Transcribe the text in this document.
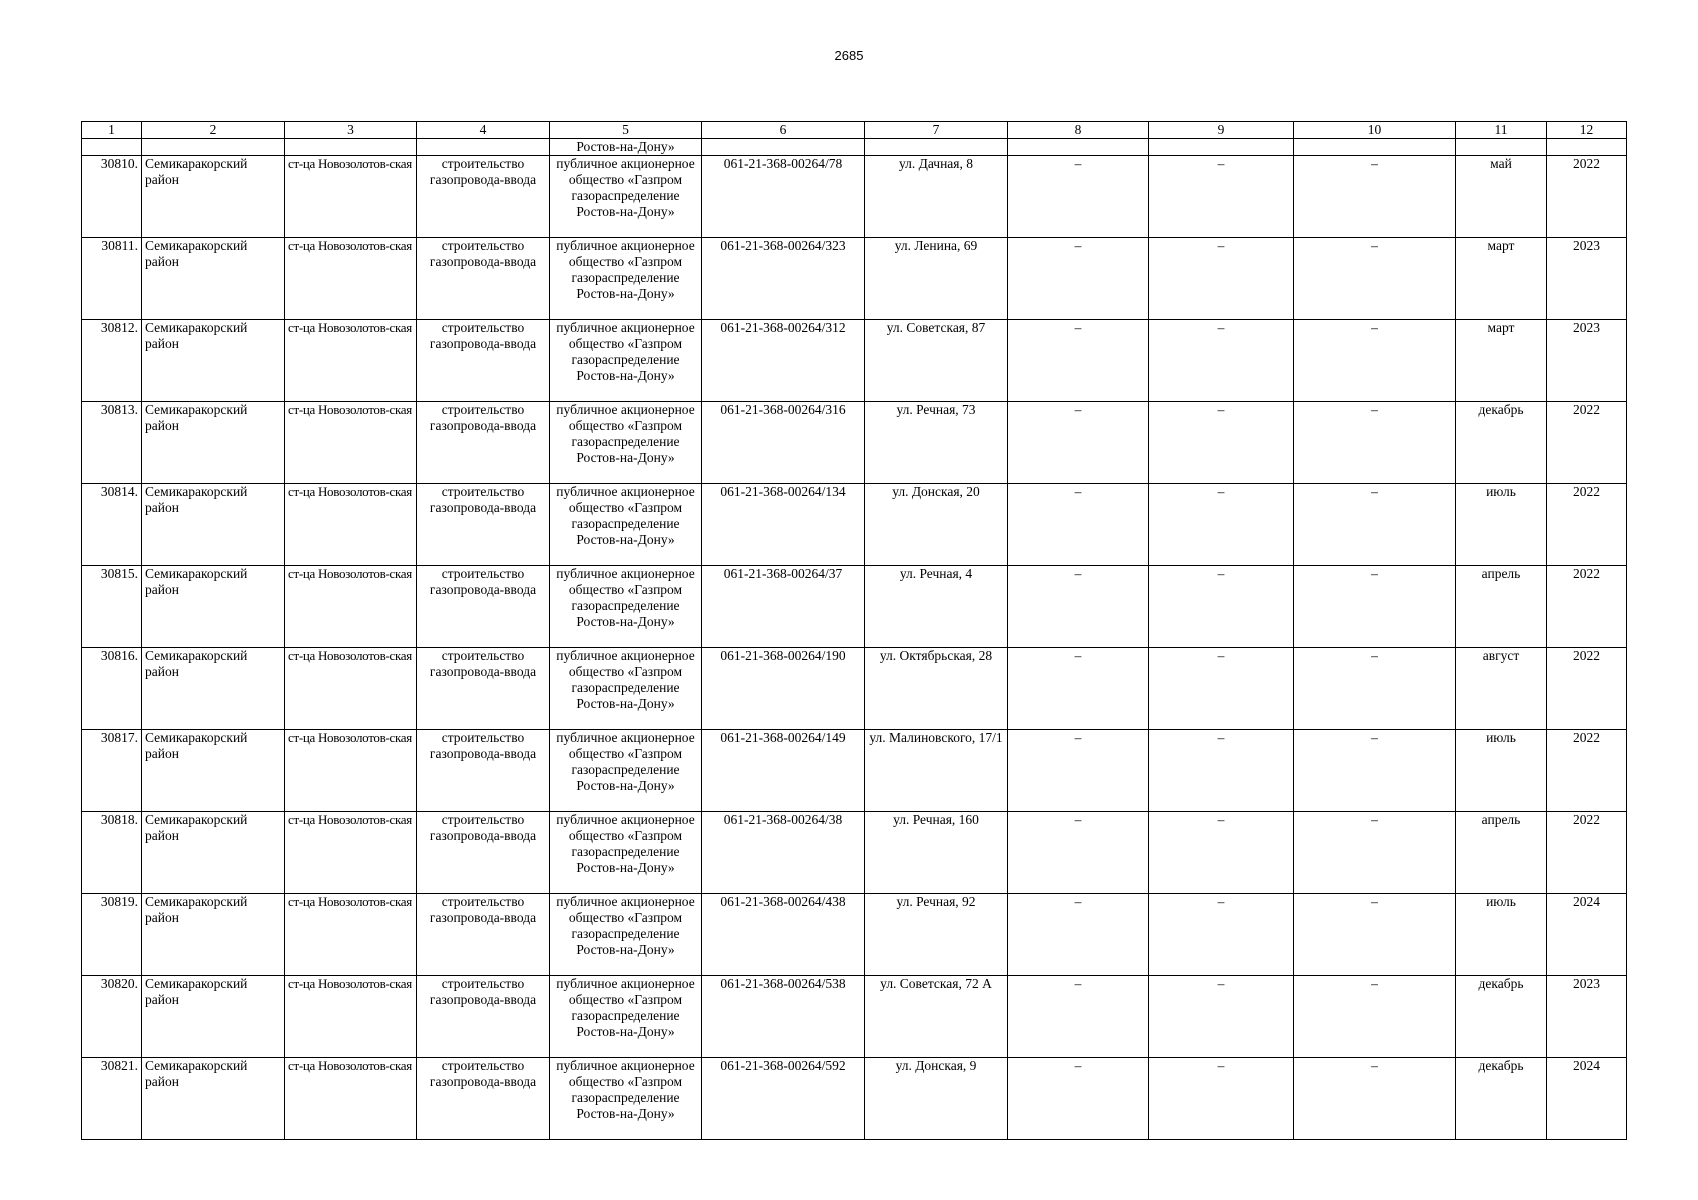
2685
1	2	3	4	5	6	7	8	9	10	11	12
				Ростов-на-Дону»							
30810.	Семикаракорский район	ст-ца Новозолотов-ская	строительство газопровода-ввода	публичное акционерное общество «Газпром газораспределение Ростов-на-Дону»	061-21-368-00264/78	ул. Дачная, 8	–	–	–	май	2022
30811.	Семикаракорский район	ст-ца Новозолотов-ская	строительство газопровода-ввода	публичное акционерное общество «Газпром газораспределение Ростов-на-Дону»	061-21-368-00264/323	ул. Ленина, 69	–	–	–	март	2023
30812.	Семикаракорский район	ст-ца Новозолотов-ская	строительство газопровода-ввода	публичное акционерное общество «Газпром газораспределение Ростов-на-Дону»	061-21-368-00264/312	ул. Советская, 87	–	–	–	март	2023
30813.	Семикаракорский район	ст-ца Новозолотов-ская	строительство газопровода-ввода	публичное акционерное общество «Газпром газораспределение Ростов-на-Дону»	061-21-368-00264/316	ул. Речная, 73	–	–	–	декабрь	2022
30814.	Семикаракорский район	ст-ца Новозолотов-ская	строительство газопровода-ввода	публичное акционерное общество «Газпром газораспределение Ростов-на-Дону»	061-21-368-00264/134	ул. Донская, 20	–	–	–	июль	2022
30815.	Семикаракорский район	ст-ца Новозолотов-ская	строительство газопровода-ввода	публичное акционерное общество «Газпром газораспределение Ростов-на-Дону»	061-21-368-00264/37	ул. Речная, 4	–	–	–	апрель	2022
30816.	Семикаракорский район	ст-ца Новозолотов-ская	строительство газопровода-ввода	публичное акционерное общество «Газпром газораспределение Ростов-на-Дону»	061-21-368-00264/190	ул. Октябрьская, 28	–	–	–	август	2022
30817.	Семикаракорский район	ст-ца Новозолотов-ская	строительство газопровода-ввода	публичное акционерное общество «Газпром газораспределение Ростов-на-Дону»	061-21-368-00264/149	ул. Малиновского, 17/1	–	–	–	июль	2022
30818.	Семикаракорский район	ст-ца Новозолотов-ская	строительство газопровода-ввода	публичное акционерное общество «Газпром газораспределение Ростов-на-Дону»	061-21-368-00264/38	ул. Речная, 160	–	–	–	апрель	2022
30819.	Семикаракорский район	ст-ца Новозолотов-ская	строительство газопровода-ввода	публичное акционерное общество «Газпром газораспределение Ростов-на-Дону»	061-21-368-00264/438	ул. Речная, 92	–	–	–	июль	2024
30820.	Семикаракорский район	ст-ца Новозолотов-ская	строительство газопровода-ввода	публичное акционерное общество «Газпром газораспределение Ростов-на-Дону»	061-21-368-00264/538	ул. Советская, 72 А	–	–	–	декабрь	2023
30821.	Семикаракорский район	ст-ца Новозолотов-ская	строительство газопровода-ввода	публичное акционерное общество «Газпром газораспределение Ростов-на-Дону»	061-21-368-00264/592	ул. Донская, 9	–	–	–	декабрь	2024
